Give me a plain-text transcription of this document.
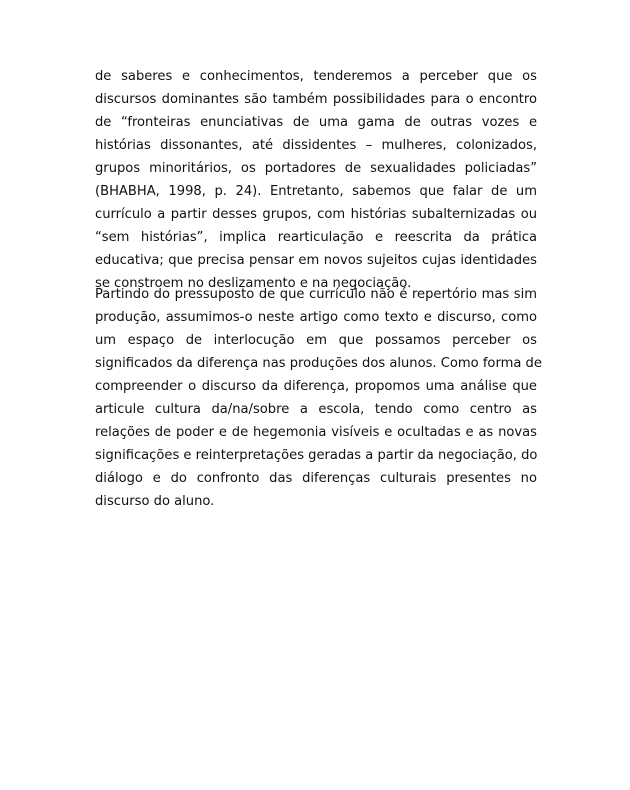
de saberes e conhecimentos, tenderemos a perceber que os
discursos dominantes são também possibilidades para o encontro
de “fronteiras enunciativas de uma gama de outras vozes e
histórias dissonantes, até dissidentes – mulheres, colonizados,
grupos minoritários, os portadores de sexualidades policiadas”
(BHABHA, 1998, p. 24). Entretanto, sabemos que falar de um
currículo a partir desses grupos, com histórias subalternizadas ou
“sem histórias”, implica rearticulação e reescrita da prática
educativa; que precisa pensar em novos sujeitos cujas identidades
se constroem no deslizamento e na negociação.
Partindo do pressuposto de que currículo não é repertório mas sim
produção, assumimos-o neste artigo como texto e discurso, como
um espaço de interlocução em que possamos perceber os
significados da diferença nas produções dos alunos. Como forma de
compreender o discurso da diferença, propomos uma análise que
articule cultura da/na/sobre a escola, tendo como centro as
relações de poder e de hegemonia visíveis e ocultadas e as novas
significações e reinterpretações geradas a partir da negociação, do
diálogo e do confronto das diferenças culturais presentes no
discurso do aluno.
